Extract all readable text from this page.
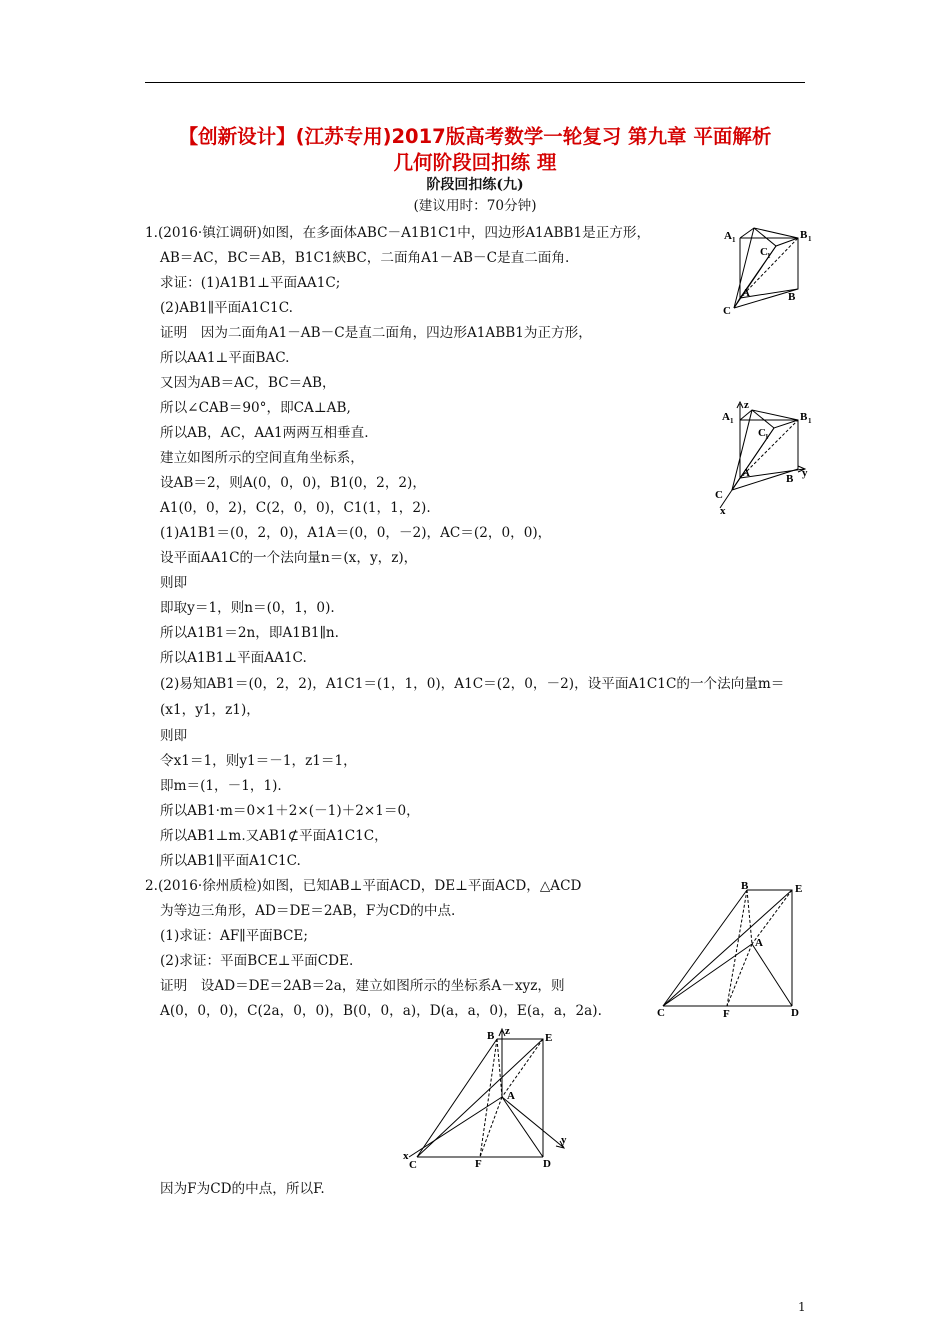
【创新设计】(江苏专用)2017版高考数学一轮复习 第九章 平面解析
几何阶段回扣练 理
阶段回扣练(九)
(建议用时：70分钟)
1.(2016·镇江调研)如图，在多面体ABC－A1B1C1中，四边形A1ABB1是正方形，
AB＝AC，BC＝AB，B1C1綊BC，二面角A1－AB－C是直二面角.
求证：(1)A1B1⊥平面AA1C;
(2)AB1∥平面A1C1C.
证明　因为二面角A1－AB－C是直二面角，四边形A1ABB1为正方形，
所以AA1⊥平面BAC.
又因为AB＝AC，BC＝AB，
所以∠CAB＝90°，即CA⊥AB,
所以AB，AC，AA1两两互相垂直.
建立如图所示的空间直角坐标系，
设AB＝2，则A(0，0，0)，B1(0，2，2)，
A1(0，0，2)，C(2，0，0)，C1(1，1，2).
(1)A1B1＝(0，2，0)，A1A＝(0，0，－2)，AC＝(2，0，0)，
设平面AA1C的一个法向量n＝(x，y，z)，
则即
即取y＝1，则n＝(0，1，0).
所以A1B1＝2n，即A1B1∥n.
所以A1B1⊥平面AA1C.
(2)易知AB1＝(0，2，2)，A1C1＝(1，1，0)，A1C＝(2，0，－2)，设平面A1C1C的一个法向量m＝
(x1，y1，z1)，
则即
令x1＝1，则y1＝－1，z1＝1，
即m＝(1，－1，1).
所以AB1·m＝0×1＋2×(－1)＋2×1＝0，
所以AB1⊥m.又AB1⊄平面A1C1C，
所以AB1∥平面A1C1C.
2.(2016·徐州质检)如图，已知AB⊥平面ACD，DE⊥平面ACD，△ACD
为等边三角形，AD＝DE＝2AB，F为CD的中点.
(1)求证：AF∥平面BCE;
(2)求证：平面BCE⊥平面CDE.
证明　设AD＝DE＝2AB＝2a，建立如图所示的坐标系A－xyz，则
A(0，0，0)，C(2a，0，0)，B(0，0，a)，D(a，a，0)，E(a，a，2a).
因为F为CD的中点，所以F.
A 1
C 1
B 1
A	B
C
A 1
z
C 1
B 1
A	B y
C
x
B	E
A
C	F	D
B z
E
A
y
x
C	F	D
1
